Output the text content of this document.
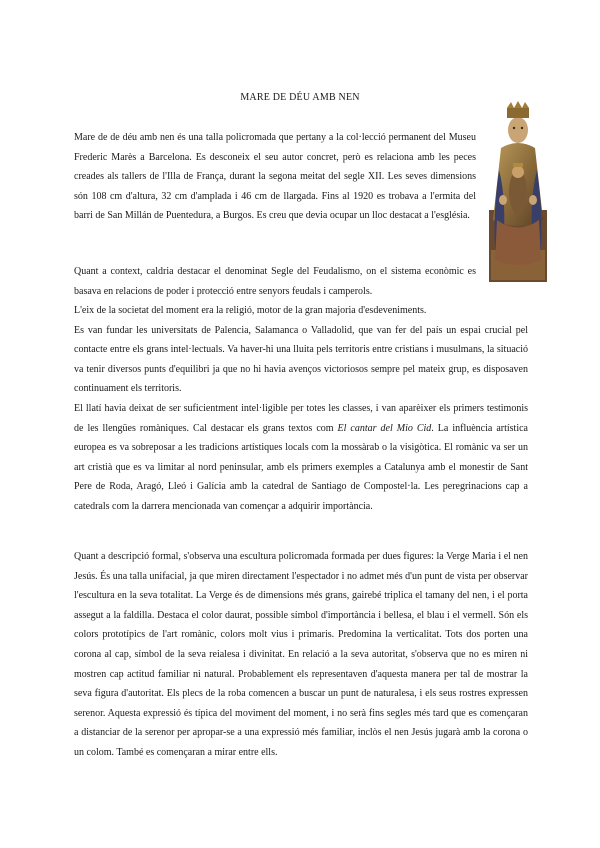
MARE DE DÉU AMB NEN

Mare de de déu amb nen és una talla policromada que pertany a la col·lecció permanent del Museu Frederic Marès a Barcelona. Es desconeix el seu autor concret, però es relaciona amb les peces creades als tallers de l'Illa de França, durant la segona meitat del segle XII. Les seves dimensions són 108 cm d'altura, 32 cm d'amplada i 46 cm de llargada. Fins al 1920 es trobava a l'ermita del barri de San Millán de Puentedura, a Burgos. Es creu que devia ocupar un lloc destacat a l'església.

Quant a context, caldria destacar el denominat Segle del Feudalismo, on el sistema econòmic es basava en relacions de poder i protecció entre senyors feudals i camperols.

L'eix de la societat del moment era la religió, motor de la gran majoria d'esdeveniments.
Es van fundar les universitats de Palencia, Salamanca o Valladolid, que van fer del país un espai crucial pel contacte entre els grans intel·lectuals. Va haver-hi una lluita pels territoris entre cristians i musulmans, la situació va tenir diversos punts d'equilibri ja que no hi havia avenços victoriosos sempre pel mateix grup, es disposaven continuament els territoris.
El llatí havia deixat de ser suficientment intel·ligible per totes les classes, i van aparèixer els primers testimonis de les llengües romàniques. Cal destacar els grans textos com El cantar del Mio Cid. La influència artística europea es va sobreposar a les tradicions artístiques locals com la mossàrab o la visigòtica. El romànic va ser un art cristià que es va limitar al nord peninsular, amb els primers exemples a Catalunya amb el monestir de Sant Pere de Roda, Aragó, Lleó i Galícia amb la catedral de Santiago de Compostel·la. Les peregrinacions cap a catedrals com la darrera mencionada van començar a adquirir importància.

Quant a descripció formal, s'observa una escultura policromada formada per dues figures: la Verge Maria i el nen Jesús. És una talla unifacial, ja que miren directament l'espectador i no admet més d'un punt de vista per observar l'escultura en la seva totalitat. La Verge és de dimensions més grans, gairebé triplica el tamany del nen, i el porta assegut a la faldilla. Destaca el color daurat, possible símbol d'importància i bellesa, el blau i el vermell. Són els colors prototípics de l'art romànic, colors molt vius i primaris. Predomina la verticalitat. Tots dos porten una corona al cap, símbol de la seva reialesa i divinitat. En relació a la seva autoritat, s'observa que no es miren ni mostren cap actitud familiar ni natural. Probablement els representaven d'aquesta manera per tal de mostrar la seva figura d'autoritat. Els plecs de la roba comencen a buscar un punt de naturalesa, i els seus rostres expressen serenor. Aquesta expressió és típica del moviment del moment, i no serà fins segles més tard que es començaran a distanciar de la serenor per apropar-se a una expressió més familiar, inclòs el nen Jesús jugarà amb la corona o un colom. També es començaran a mirar entre ells.
